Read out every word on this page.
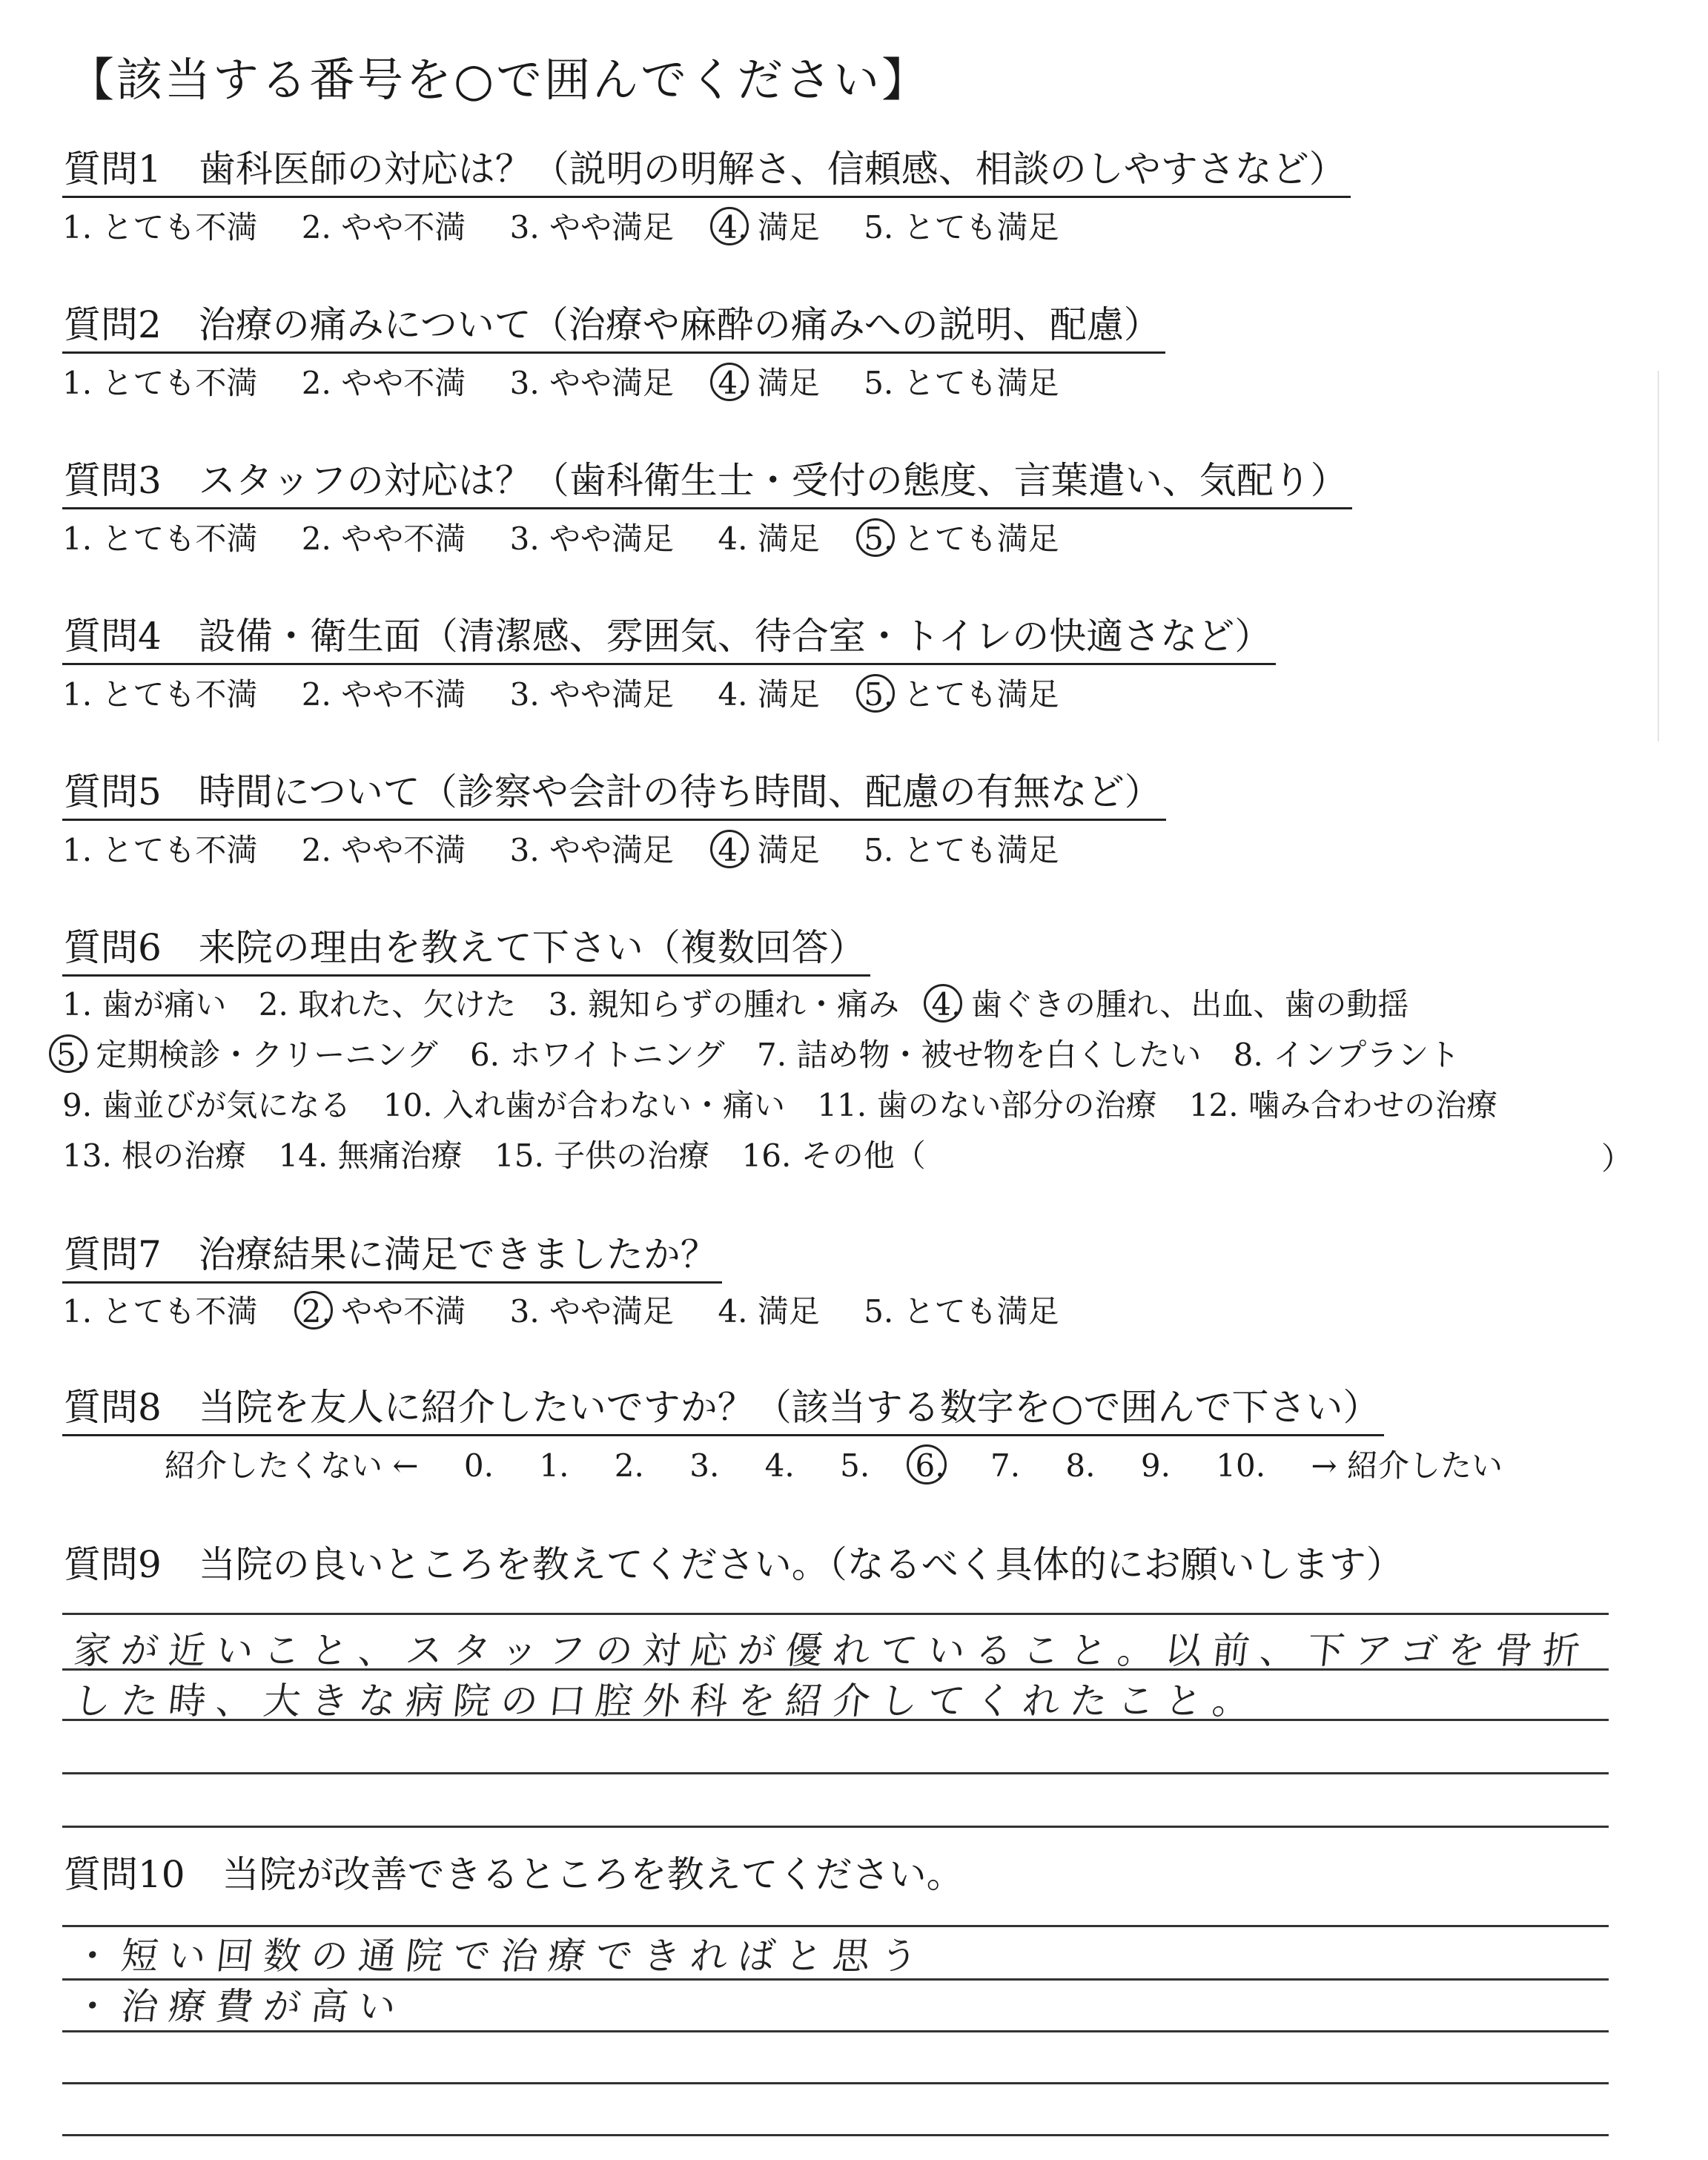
【該当する番号を○で囲んでください】
質問1　歯科医師の対応は？（説明の明解さ、信頼感、相談のしやすさなど）
1. とても不満 2. やや不満 3. やや満足 4. 満足 5. とても満足
質問2　治療の痛みについて（治療や麻酔の痛みへの説明、配慮）
1. とても不満 2. やや不満 3. やや満足 4. 満足 5. とても満足
質問3　スタッフの対応は？（歯科衛生士・受付の態度、言葉遣い、気配り）
1. とても不満 2. やや不満 3. やや満足 4. 満足 5. とても満足
質問4　設備・衛生面（清潔感、雰囲気、待合室・トイレの快適さなど）
1. とても不満 2. やや不満 3. やや満足 4. 満足 5. とても満足
質問5　時間について（診察や会計の待ち時間、配慮の有無など）
1. とても不満 2. やや不満 3. やや満足 4. 満足 5. とても満足
質問6　来院の理由を教えて下さい（複数回答）
1. 歯が痛い 2. 取れた、欠けた 3. 親知らずの腫れ・痛み 4. 歯ぐきの腫れ、出血、歯の動揺
5. 定期検診・クリーニング 6. ホワイトニング 7. 詰め物・被せ物を白くしたい 8. インプラント
9. 歯並びが気になる 10. 入れ歯が合わない・痛い 11. 歯のない部分の治療 12. 噛み合わせの治療
13. 根の治療 14. 無痛治療 15. 子供の治療 16. その他（	）
質問7　治療結果に満足できましたか？
1. とても不満 2. やや不満 3. やや満足 4. 満足 5. とても満足
質問8　当院を友人に紹介したいですか？（該当する数字を○で囲んで下さい）
紹介したくない ← 0. 1. 2. 3. 4. 5. 6. 7. 8. 9. 10. → 紹介したい
質問9　当院の良いところを教えてください。（なるべく具体的にお願いします）
家が近いこと、スタッフの対応が優れていること。以前、下アゴを骨折
した時、大きな病院の口腔外科を紹介してくれたこと。
質問10　当院が改善できるところを教えてください。
・短い回数の通院で治療できればと思う
・治療費が高い
